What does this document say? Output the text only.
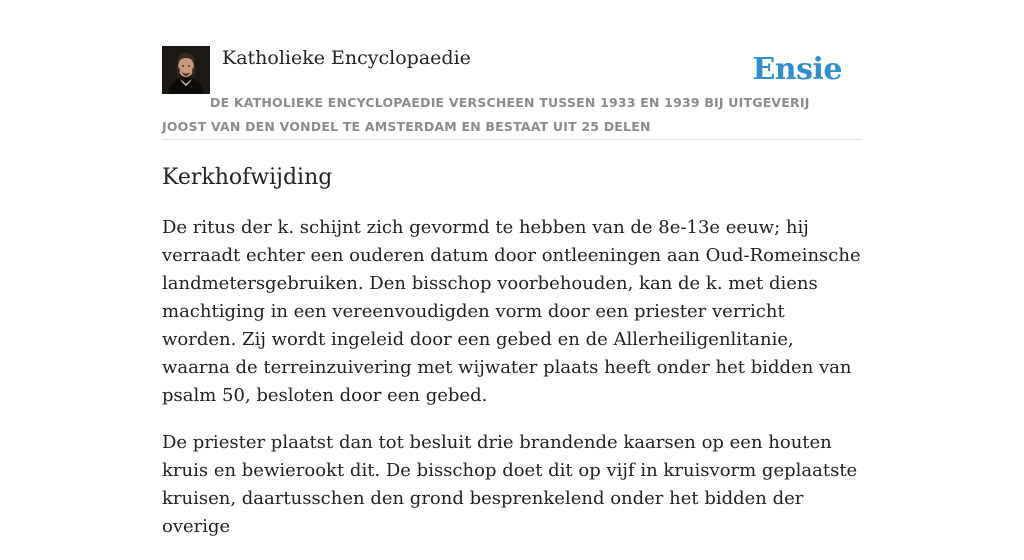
Katholieke Encyclopaedie	Ensie
DE KATHOLIEKE ENCYCLOPAEDIE VERSCHEEN TUSSEN 1933 EN 1939 BIJ UITGEVERIJ JOOST VAN DEN VONDEL TE AMSTERDAM EN BESTAAT UIT 25 DELEN
Kerkhofwijding

De ritus der k. schijnt zich gevormd te hebben van de 8e-13e eeuw; hij verraadt echter een ouderen datum door ontleeningen aan Oud-Romeinsche landmetersgebruiken. Den bisschop voorbehouden, kan de k. met diens machtiging in een vereenvoudigden vorm door een priester verricht worden. Zij wordt ingeleid door een gebed en de Allerheiligenlitanie, waarna de terreinzuivering met wijwater plaats heeft onder het bidden van psalm 50, besloten door een gebed.

De priester plaatst dan tot besluit drie brandende kaarsen op een houten kruis en bewierookt dit. De bisschop doet dit op vijf in kruisvorm geplaatste kruisen, daartusschen den grond besprenkelend onder het bidden der overige
